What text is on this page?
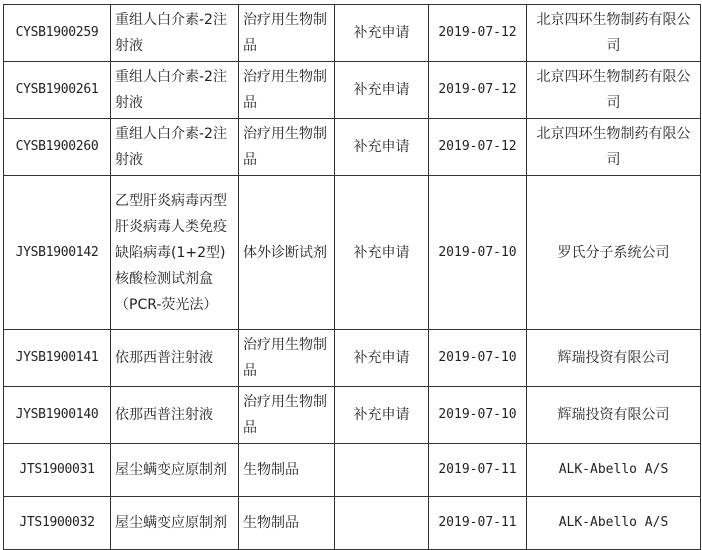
CYSB1900259	重组人白介素-2注射液	治疗用生物制品	补充申请	2019-07-12	北京四环生物制药有限公司
CYSB1900261	重组人白介素-2注射液	治疗用生物制品	补充申请	2019-07-12	北京四环生物制药有限公司
CYSB1900260	重组人白介素-2注射液	治疗用生物制品	补充申请	2019-07-12	北京四环生物制药有限公司
JYSB1900142	乙型肝炎病毒丙型肝炎病毒人类免疫缺陷病毒(1+2型)核酸检测试剂盒（PCR-荧光法）	体外诊断试剂	补充申请	2019-07-10	罗氏分子系统公司
JYSB1900141	依那西普注射液	治疗用生物制品	补充申请	2019-07-10	辉瑞投资有限公司
JYSB1900140	依那西普注射液	治疗用生物制品	补充申请	2019-07-10	辉瑞投资有限公司
JTS1900031	屋尘螨变应原制剂	生物制品		2019-07-11	ALK-Abello A/S
JTS1900032	屋尘螨变应原制剂	生物制品		2019-07-11	ALK-Abello A/S
